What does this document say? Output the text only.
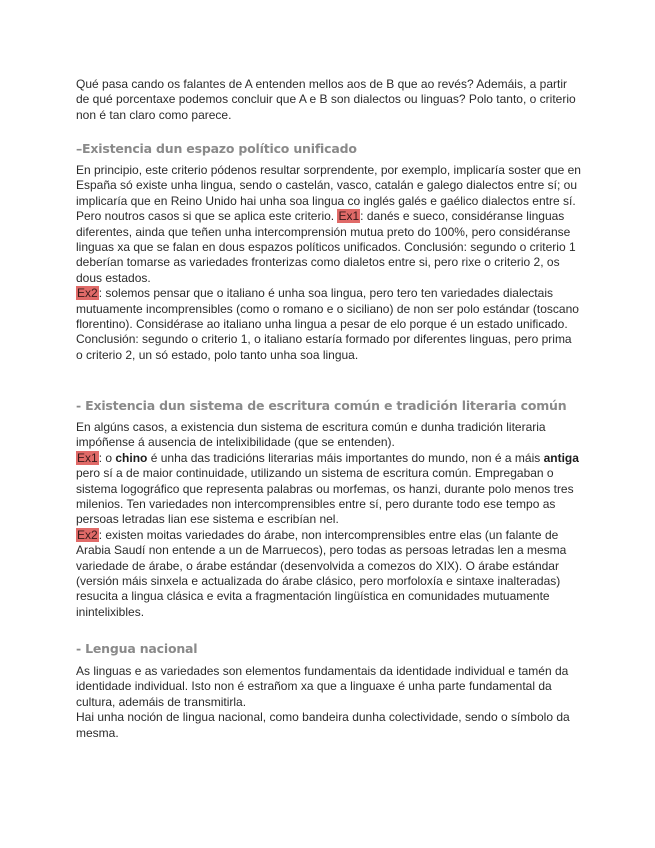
Qué pasa cando os falantes de A entenden mellos aos de B que ao revés? Ademáis, a partir de qué porcentaxe podemos concluir que A e B son dialectos ou linguas? Polo tanto, o criterio non é tan claro como parece.

–Existencia dun espazo político unificado

En principio, este criterio pódenos resultar sorprendente, por exemplo, implicaría soster que en España só existe unha lingua, sendo o castelán, vasco, catalán e galego dialectos entre sí; ou implicaría que en Reino Unido hai unha soa lingua co inglés galés e gaélico dialectos entre sí. Pero noutros casos si que se aplica este criterio. Ex1: danés e sueco, considéranse linguas diferentes, ainda que teñen unha intercomprensión mutua preto do 100%, pero considéranse linguas xa que se falan en dous espazos políticos unificados. Conclusión: segundo o criterio 1 deberían tomarse as variedades fronterizas como dialetos entre si, pero rixe o criterio 2, os dous estados.
Ex2: solemos pensar que o italiano é unha soa lingua, pero tero ten variedades dialectais mutuamente incomprensibles (como o romano e o siciliano) de non ser polo estándar (toscano florentino). Considérase ao italiano unha lingua a pesar de elo porque é un estado unificado. Conclusión: segundo o criterio 1, o italiano estaría formado por diferentes linguas, pero prima o criterio 2, un só estado, polo tanto unha soa lingua.

- Existencia dun sistema de escritura común e tradición literaria común

En algúns casos, a existencia dun sistema de escritura común e dunha tradición literaria impóñense á ausencia de intelixibilidade (que se entenden).
Ex1: o chino é unha das tradicións literarias máis importantes do mundo, non é a máis antiga pero sí a de maior continuidade, utilizando un sistema de escritura común. Empregaban o sistema logográfico que representa palabras ou morfemas, os hanzi, durante polo menos tres milenios. Ten variedades non intercomprensibles entre sí, pero durante todo ese tempo as persoas letradas lian ese sistema e escribían nel.
Ex2: existen moitas variedades do árabe, non intercomprensibles entre elas (un falante de Arabia Saudí non entende a un de Marruecos), pero todas as persoas letradas len a mesma variedade de árabe, o árabe estándar (desenvolvida a comezos do XIX). O árabe estándar (versión máis sinxela e actualizada do árabe clásico, pero morfoloxía e sintaxe inalteradas) resucita a lingua clásica e evita a fragmentación lingüística en comunidades mutuamente inintelixibles.

- Lengua nacional

As linguas e as variedades son elementos fundamentais da identidade individual e tamén da identidade individual. Isto non é estrañom xa que a linguaxe é unha parte fundamental da cultura, ademáis de transmitirla.
Hai unha noción de lingua nacional, como bandeira dunha colectividade, sendo o símbolo da mesma.
